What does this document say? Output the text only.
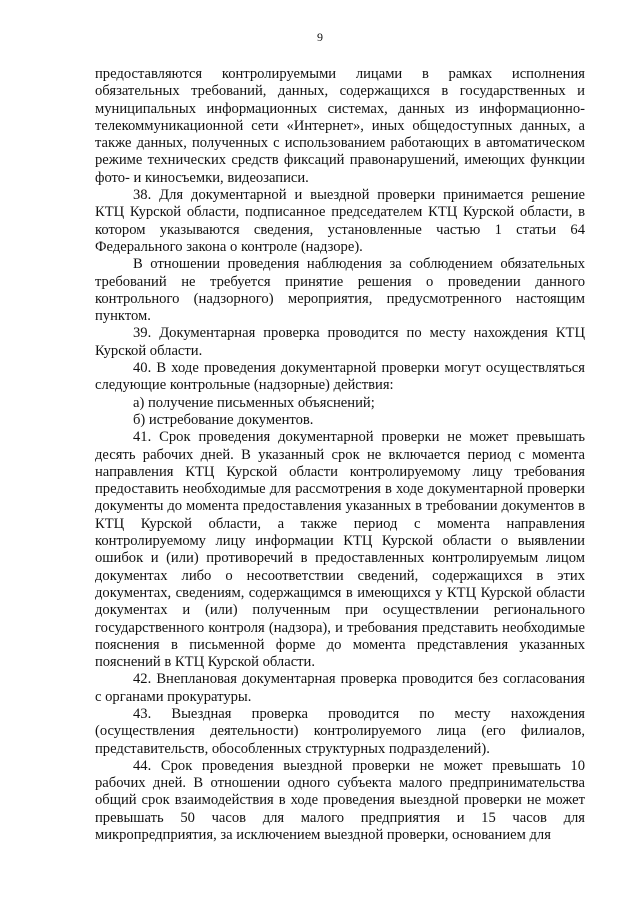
9

предоставляются контролируемыми лицами в рамках исполнения обязательных требований, данных, содержащихся в государственных и муниципальных информационных системах, данных из информационно-телекоммуникационной сети «Интернет», иных общедоступных данных, а также данных, полученных с использованием работающих в автоматическом режиме технических средств фиксаций правонарушений, имеющих функции фото- и киносъемки, видеозаписи.

38. Для документарной и выездной проверки принимается решение КТЦ Курской области, подписанное председателем КТЦ Курской области, в котором указываются сведения, установленные частью 1 статьи 64 Федерального закона о контроле (надзоре).

В отношении проведения наблюдения за соблюдением обязательных требований не требуется принятие решения о проведении данного контрольного (надзорного) мероприятия, предусмотренного настоящим пунктом.

39. Документарная проверка проводится по месту нахождения КТЦ Курской области.

40. В ходе проведения документарной проверки могут осуществляться следующие контрольные (надзорные) действия:

а) получение письменных объяснений;

б) истребование документов.

41. Срок проведения документарной проверки не может превышать десять рабочих дней. В указанный срок не включается период с момента направления КТЦ Курской области контролируемому лицу требования предоставить необходимые для рассмотрения в ходе документарной проверки документы до момента предоставления указанных в требовании документов в КТЦ Курской области, а также период с момента направления контролируемому лицу информации КТЦ Курской области о выявлении ошибок и (или) противоречий в предоставленных контролируемым лицом документах либо о несоответствии сведений, содержащихся в этих документах, сведениям, содержащимся в имеющихся у КТЦ Курской области документах и (или) полученным при осуществлении регионального государственного контроля (надзора), и требования представить необходимые пояснения в письменной форме до момента представления указанных пояснений в КТЦ Курской области.

42. Внеплановая документарная проверка проводится без согласования с органами прокуратуры.

43. Выездная проверка проводится по месту нахождения (осуществления деятельности) контролируемого лица (его филиалов, представительств, обособленных структурных подразделений).

44. Срок проведения выездной проверки не может превышать 10 рабочих дней. В отношении одного субъекта малого предпринимательства общий срок взаимодействия в ходе проведения выездной проверки не может превышать 50 часов для малого предприятия и 15 часов для микропредприятия, за исключением выездной проверки, основанием для
